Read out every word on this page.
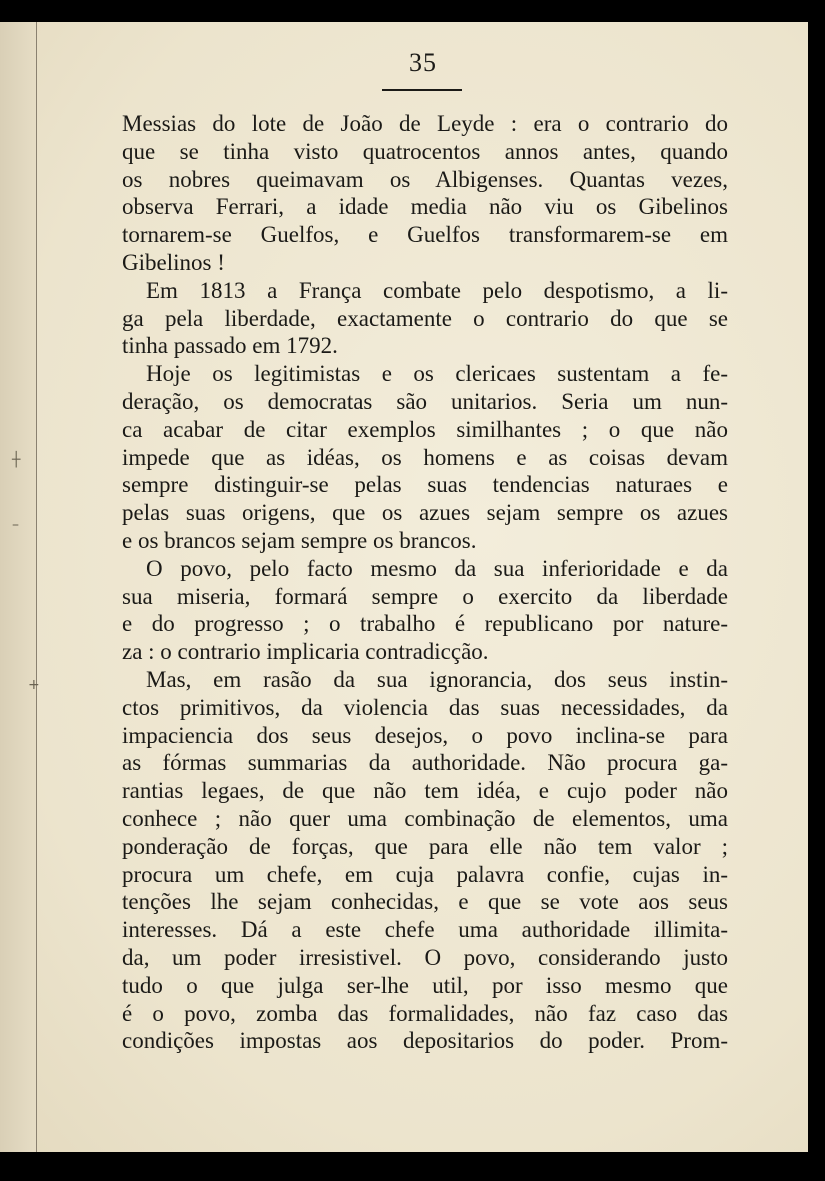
35
┼
–
+
Messias do lote de João de Leyde : era o contrario do
que se tinha visto quatrocentos annos antes, quando
os nobres queimavam os Albigenses. Quantas vezes,
observa Ferrari, a idade media não viu os Gibelinos
tornarem-se Guelfos, e Guelfos transformarem-se em
Gibelinos !
Em 1813 a França combate pelo despotismo, a li-
ga pela liberdade, exactamente o contrario do que se
tinha passado em 1792.
Hoje os legitimistas e os clericaes sustentam a fe-
deração, os democratas são unitarios. Seria um nun-
ca acabar de citar exemplos similhantes ; o que não
impede que as idéas, os homens e as coisas devam
sempre distinguir-se pelas suas tendencias naturaes e
pelas suas origens, que os azues sejam sempre os azues
e os brancos sejam sempre os brancos.
O povo, pelo facto mesmo da sua inferioridade e da
sua miseria, formará sempre o exercito da liberdade
e do progresso ; o trabalho é republicano por nature-
za : o contrario implicaria contradicção.
Mas, em rasão da sua ignorancia, dos seus instin-
ctos primitivos, da violencia das suas necessidades, da
impaciencia dos seus desejos, o povo inclina-se para
as fórmas summarias da authoridade. Não procura ga-
rantias legaes, de que não tem idéa, e cujo poder não
conhece ; não quer uma combinação de elementos, uma
ponderação de forças, que para elle não tem valor ;
procura um chefe, em cuja palavra confie, cujas in-
tenções lhe sejam conhecidas, e que se vote aos seus
interesses. Dá a este chefe uma authoridade illimita-
da, um poder irresistivel. O povo, considerando justo
tudo o que julga ser-lhe util, por isso mesmo que
é o povo, zomba das formalidades, não faz caso das
condições impostas aos depositarios do poder. Prom-
